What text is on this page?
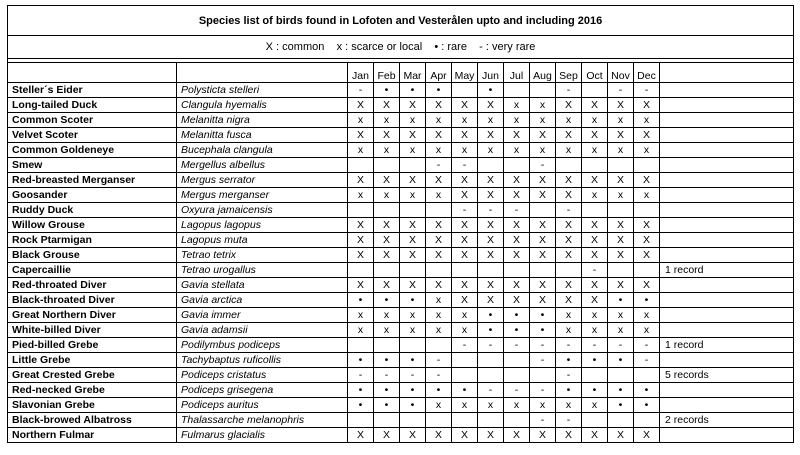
Species list of birds found in Lofoten and Vesterålen upto and including 2016														
X : common    x : scarce or local    • : rare    - : very rare														

		Jan	Feb	Mar	Apr	May	Jun	Jul	Aug	Sep	Oct	Nov	Dec	
Steller´s Eider	Polysticta stelleri	-	•	•	•		•			-		-	-	
Long-tailed Duck	Clangula hyemalis	X	X	X	X	X	X	x	x	X	X	X	X	
Common Scoter	Melanitta nigra	x	x	x	x	x	x	x	x	x	x	x	x	
Velvet Scoter	Melanitta fusca	X	X	X	X	X	X	X	X	X	X	X	X	
Common Goldeneye	Bucephala clangula	x	x	x	x	x	x	x	x	x	x	x	x	
Smew	Mergellus albellus				-	-			-					
Red-breasted Merganser	Mergus serrator	X	X	X	X	X	X	X	X	X	X	X	X	
Goosander	Mergus merganser	x	x	x	x	X	X	X	X	X	x	x	x	
Ruddy Duck	Oxyura jamaicensis					-	-	-		-				
Willow Grouse	Lagopus lagopus	X	X	X	X	X	X	X	X	X	X	X	X	
Rock Ptarmigan	Lagopus muta	X	X	X	X	X	X	X	X	X	X	X	X	
Black Grouse	Tetrao tetrix	X	X	X	X	X	X	X	X	X	X	X	X	
Capercaillie	Tetrao urogallus										-			1 record
Red-throated Diver	Gavia stellata	X	X	X	X	X	X	X	X	X	X	X	X	
Black-throated Diver	Gavia arctica	•	•	•	x	X	X	X	X	X	X	•	•	
Great Northern Diver	Gavia immer	x	x	x	x	x	•	•	•	x	x	x	x	
White-billed Diver	Gavia adamsii	x	x	x	x	x	•	•	•	x	x	x	x	
Pied-billed Grebe	Podilymbus podiceps					-	-	-	-	-	-	-	-	1 record
Little Grebe	Tachybaptus ruficollis	•	•	•	-				-	•	•	•	-	
Great Crested Grebe	Podiceps cristatus	-	-	-	-					-				5 records
Red-necked Grebe	Podiceps grisegena	•	•	•	•	•	-	-	-	•	•	•	•	
Slavonian Grebe	Podiceps auritus	•	•	•	x	x	x	x	x	x	x	•	•	
Black-browed Albatross	Thalassarche melanophris								-	-				2 records
Northern Fulmar	Fulmarus glacialis	X	X	X	X	X	X	X	X	X	X	X	X	
